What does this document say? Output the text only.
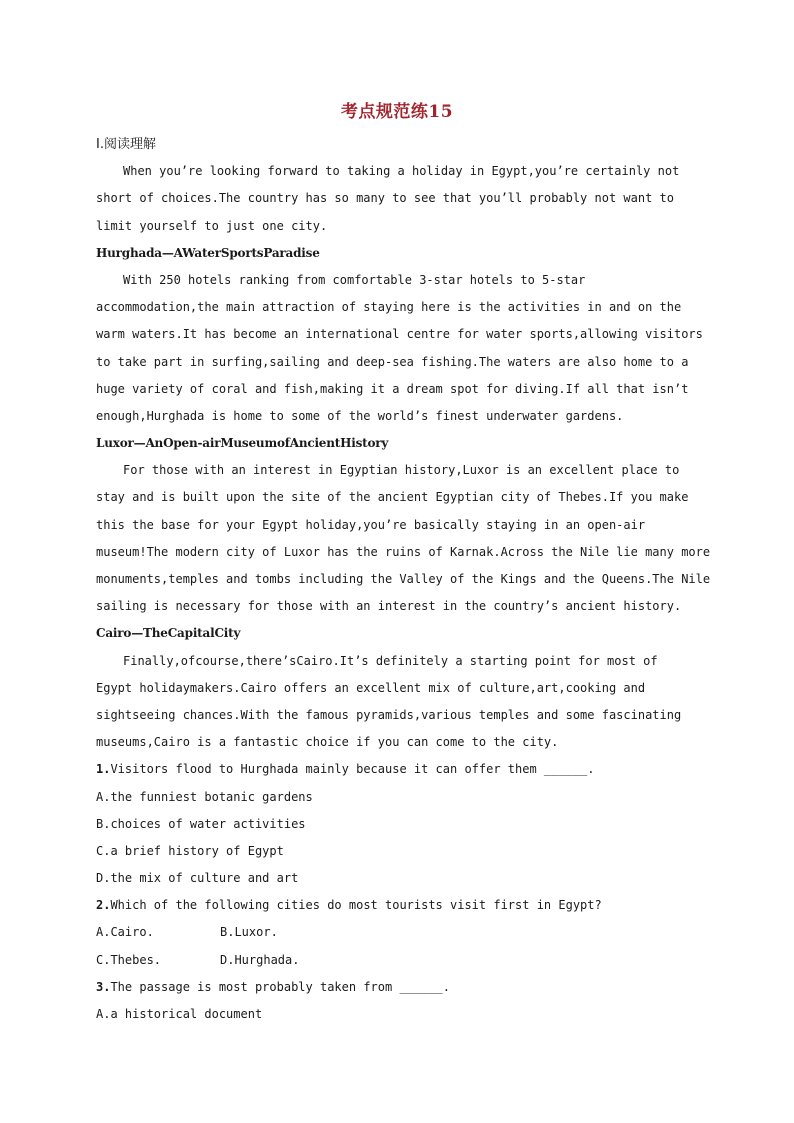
考点规范练15
Ⅰ.阅读理解
When you’re looking forward to taking a holiday in Egypt,you’re certainly not
short of choices.The country has so many to see that you’ll probably not want to
limit yourself to just one city.
Hurghada—AWaterSportsParadise
With 250 hotels ranking from comfortable 3-star hotels to 5-star
accommodation,the main attraction of staying here is the activities in and on the
warm waters.It has become an international centre for water sports,allowing visitors
to take part in surfing,sailing and deep-sea fishing.The waters are also home to a
huge variety of coral and fish,making it a dream spot for diving.If all that isn’t
enough,Hurghada is home to some of the world’s finest underwater gardens.
Luxor—AnOpen-airMuseumofAncientHistory
For those with an interest in Egyptian history,Luxor is an excellent place to
stay and is built upon the site of the ancient Egyptian city of Thebes.If you make
this the base for your Egypt holiday,you’re basically staying in an open-air
museum!The modern city of Luxor has the ruins of Karnak.Across the Nile lie many more
monuments,temples and tombs including the Valley of the Kings and the Queens.The Nile
sailing is necessary for those with an interest in the country’s ancient history.
Cairo—TheCapitalCity
Finally,ofcourse,there’sCairo.It’s definitely a starting point for most of
Egypt holidaymakers.Cairo offers an excellent mix of culture,art,cooking and
sightseeing chances.With the famous pyramids,various temples and some fascinating
museums,Cairo is a fantastic choice if you can come to the city.
1.Visitors flood to Hurghada mainly because it can offer them ______.
A.the funniest botanic gardens
B.choices of water activities
C.a brief history of Egypt
D.the mix of culture and art
2.Which of the following cities do most tourists visit first in Egypt?
A.Cairo.	B.Luxor.
C.Thebes.	D.Hurghada.
3.The passage is most probably taken from ______.
A.a historical document
